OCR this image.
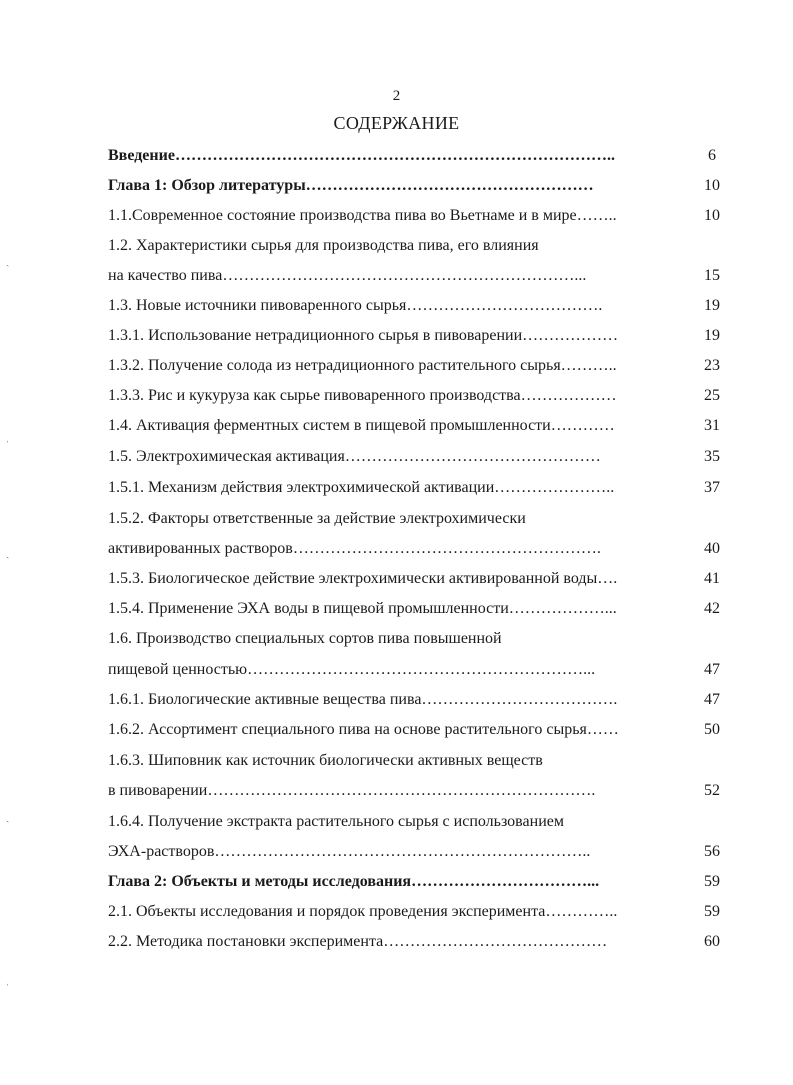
2
СОДЕРЖАНИЕ
Введение………………………………………………………………………..	6
Глава 1: Обзор литературы………………………………………………	10
1.1.Современное состояние производства пива во Вьетнаме и в мире……..	10
1.2. Характеристики сырья для производства пива, его влияния
на качество пива…………………………………………………………...	15
1.3. Новые источники пивоваренного сырья……………………………….	19
1.3.1. Использование нетрадиционного сырья в пивоварении………………	19
1.3.2. Получение солода из нетрадиционного растительного сырья………..	23
1.3.3. Рис и кукуруза как сырье пивоваренного производства………………	25
1.4. Активация ферментных систем в пищевой промышленности…………	31
1.5. Электрохимическая активация…………………………………………	35
1.5.1. Механизм действия электрохимической активации…………………..	37
1.5.2. Факторы ответственные за действие электрохимически
активированных растворов………………………………………………….	40
1.5.3. Биологическое действие электрохимически активированной воды….	41
1.5.4. Применение ЭХА воды в пищевой промышленности………………...	42
1.6. Производство специальных сортов пива повышенной
пищевой ценностью………………………………………………………...	47
1.6.1. Биологические активные вещества пива……………………………….	47
1.6.2. Ассортимент специального пива на основе растительного сырья……	50
1.6.3. Шиповник как источник биологически активных веществ
в пивоварении……………………………………………………………….	52
1.6.4. Получение экстракта растительного сырья с использованием
ЭХА-растворов……………………………………………………………..	56
Глава 2: Объекты и методы исследования……………………………...	59
2.1. Объекты исследования и порядок проведения эксперимента…………..	59
2.2. Методика постановки эксперимента……………………………………	60
ˎ
ˌ
ˏ
ˎ
ˌ
